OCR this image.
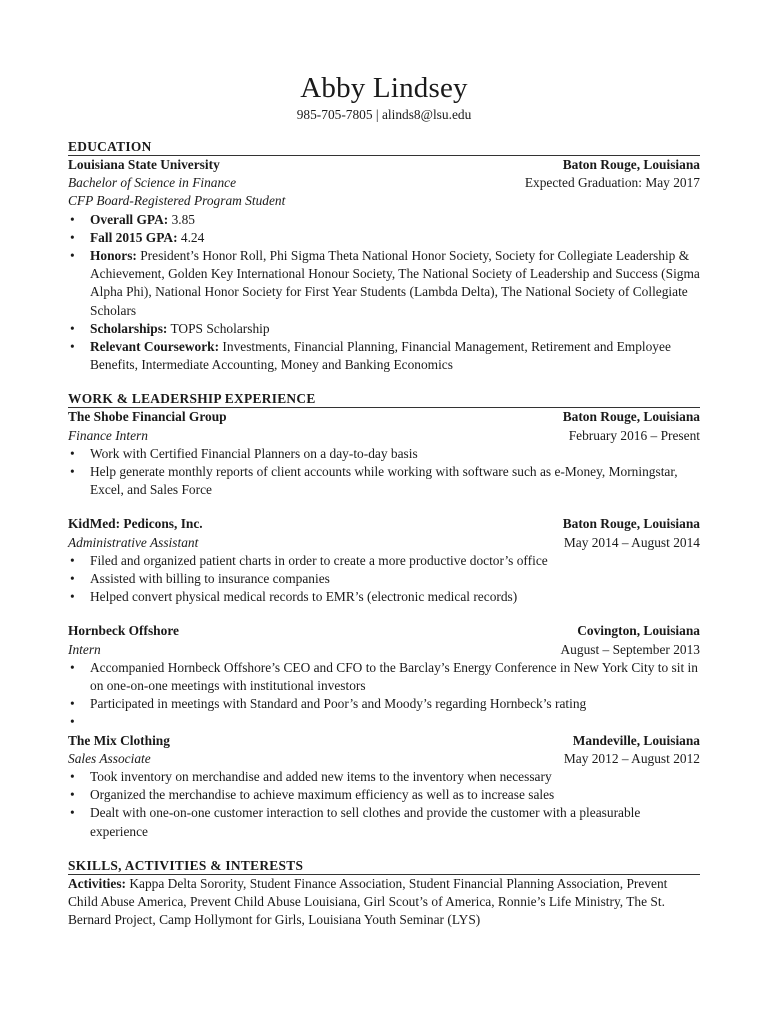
Abby Lindsey

985-705-7805 | alinds8@lsu.edu

EDUCATION
Louisiana State University	Baton Rouge, Louisiana
Bachelor of Science in Finance	Expected Graduation: May 2017
CFP Board-Registered Program Student
• Overall GPA: 3.85
• Fall 2015 GPA: 4.24
• Honors: President’s Honor Roll, Phi Sigma Theta National Honor Society, Society for Collegiate Leadership & Achievement, Golden Key International Honour Society, The National Society of Leadership and Success (Sigma Alpha Phi), National Honor Society for First Year Students (Lambda Delta), The National Society of Collegiate Scholars
• Scholarships: TOPS Scholarship
• Relevant Coursework: Investments, Financial Planning, Financial Management, Retirement and Employee Benefits, Intermediate Accounting, Money and Banking Economics
WORK & LEADERSHIP EXPERIENCE
The Shobe Financial Group	Baton Rouge, Louisiana
Finance Intern	February 2016 – Present
• Work with Certified Financial Planners on a day-to-day basis
• Help generate monthly reports of client accounts while working with software such as e-Money, Morningstar, Excel, and Sales Force
KidMed: Pedicons, Inc.	Baton Rouge, Louisiana
Administrative Assistant	May 2014 – August 2014
• Filed and organized patient charts in order to create a more productive doctor’s office
• Assisted with billing to insurance companies
• Helped convert physical medical records to EMR’s (electronic medical records)
Hornbeck Offshore	Covington, Louisiana
Intern	August – September 2013
• Accompanied Hornbeck Offshore’s CEO and CFO to the Barclay’s Energy Conference in New York City to sit in on one-on-one meetings with institutional investors
• Participated in meetings with Standard and Poor’s and Moody’s regarding Hornbeck’s rating
•
The Mix Clothing	Mandeville, Louisiana
Sales Associate	May 2012 – August 2012
• Took inventory on merchandise and added new items to the inventory when necessary
• Organized the merchandise to achieve maximum efficiency as well as to increase sales
• Dealt with one-on-one customer interaction to sell clothes and provide the customer with a pleasurable experience
SKILLS, ACTIVITIES & INTERESTS

Activities: Kappa Delta Sorority, Student Finance Association, Student Financial Planning Association, Prevent Child Abuse America, Prevent Child Abuse Louisiana, Girl Scout’s of America, Ronnie’s Life Ministry, The St. Bernard Project, Camp Hollymont for Girls, Louisiana Youth Seminar (LYS)
